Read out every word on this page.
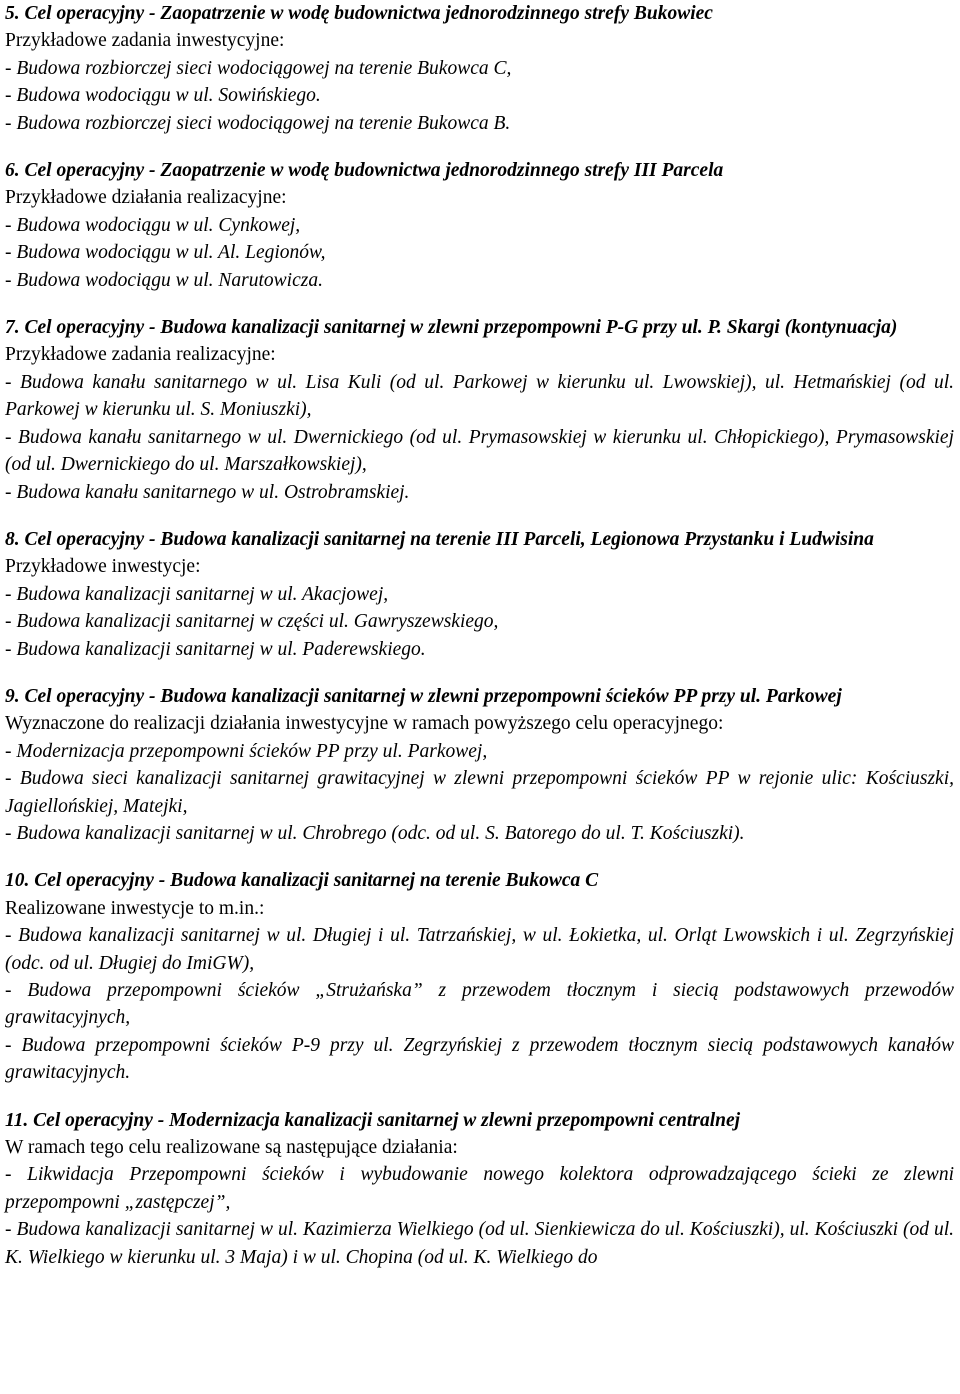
5. Cel operacyjny - Zaopatrzenie w wodę budownictwa jednorodzinnego strefy Bukowiec
Przykładowe zadania inwestycyjne:
- Budowa rozbiorczej sieci wodociągowej na terenie Bukowca C,
- Budowa wodociągu w ul. Sowińskiego.
- Budowa rozbiorczej sieci wodociągowej na terenie Bukowca B.
6. Cel operacyjny - Zaopatrzenie w wodę budownictwa jednorodzinnego strefy III Parcela
Przykładowe działania realizacyjne:
- Budowa wodociągu w ul. Cynkowej,
- Budowa wodociągu w ul. Al. Legionów,
- Budowa wodociągu w ul. Narutowicza.
7. Cel operacyjny - Budowa kanalizacji sanitarnej w zlewni przepompowni P-G przy ul. P. Skargi (kontynuacja)
Przykładowe zadania realizacyjne:
- Budowa kanału sanitarnego w ul. Lisa Kuli (od ul. Parkowej w kierunku ul. Lwowskiej), ul. Hetmańskiej (od ul. Parkowej w kierunku ul. S. Moniuszki),
- Budowa kanału sanitarnego w ul. Dwernickiego (od ul. Prymasowskiej w kierunku ul. Chłopickiego), Prymasowskiej (od ul. Dwernickiego do ul. Marszałkowskiej),
- Budowa kanału sanitarnego w ul. Ostrobramskiej.
8. Cel operacyjny - Budowa kanalizacji sanitarnej na terenie III Parceli, Legionowa Przystanku i Ludwisina
Przykładowe inwestycje:
- Budowa kanalizacji sanitarnej w ul. Akacjowej,
- Budowa kanalizacji sanitarnej w części ul. Gawryszewskiego,
- Budowa kanalizacji sanitarnej w ul. Paderewskiego.
9. Cel operacyjny - Budowa kanalizacji sanitarnej w zlewni przepompowni ścieków PP przy ul. Parkowej
Wyznaczone do realizacji działania inwestycyjne w ramach powyższego celu operacyjnego:
- Modernizacja przepompowni ścieków PP przy ul. Parkowej,
- Budowa sieci kanalizacji sanitarnej grawitacyjnej w zlewni przepompowni ścieków PP w rejonie ulic: Kościuszki, Jagiellońskiej, Matejki,
- Budowa kanalizacji sanitarnej w ul. Chrobrego (odc. od ul. S. Batorego do ul. T. Kościuszki).
10. Cel operacyjny - Budowa kanalizacji sanitarnej na terenie Bukowca C
Realizowane inwestycje to m.in.:
- Budowa kanalizacji sanitarnej w ul. Długiej i ul. Tatrzańskiej, w ul. Łokietka, ul. Orląt Lwowskich i ul. Zegrzyńskiej (odc. od ul. Długiej do ImiGW),
- Budowa przepompowni ścieków „Strużańska” z przewodem tłocznym i siecią podstawowych przewodów grawitacyjnych,
- Budowa przepompowni ścieków P-9 przy ul. Zegrzyńskiej z przewodem tłocznym siecią podstawowych kanałów grawitacyjnych.
11. Cel operacyjny - Modernizacja kanalizacji sanitarnej w zlewni przepompowni centralnej
W ramach tego celu realizowane są następujące działania:
- Likwidacja Przepompowni ścieków i wybudowanie nowego kolektora odprowadzającego ścieki ze zlewni przepompowni „zastępczej”,
- Budowa kanalizacji sanitarnej w ul. Kazimierza Wielkiego (od ul. Sienkiewicza do ul. Kościuszki), ul. Kościuszki (od ul. K. Wielkiego w kierunku ul. 3 Maja) i w ul. Chopina (od ul. K. Wielkiego do
